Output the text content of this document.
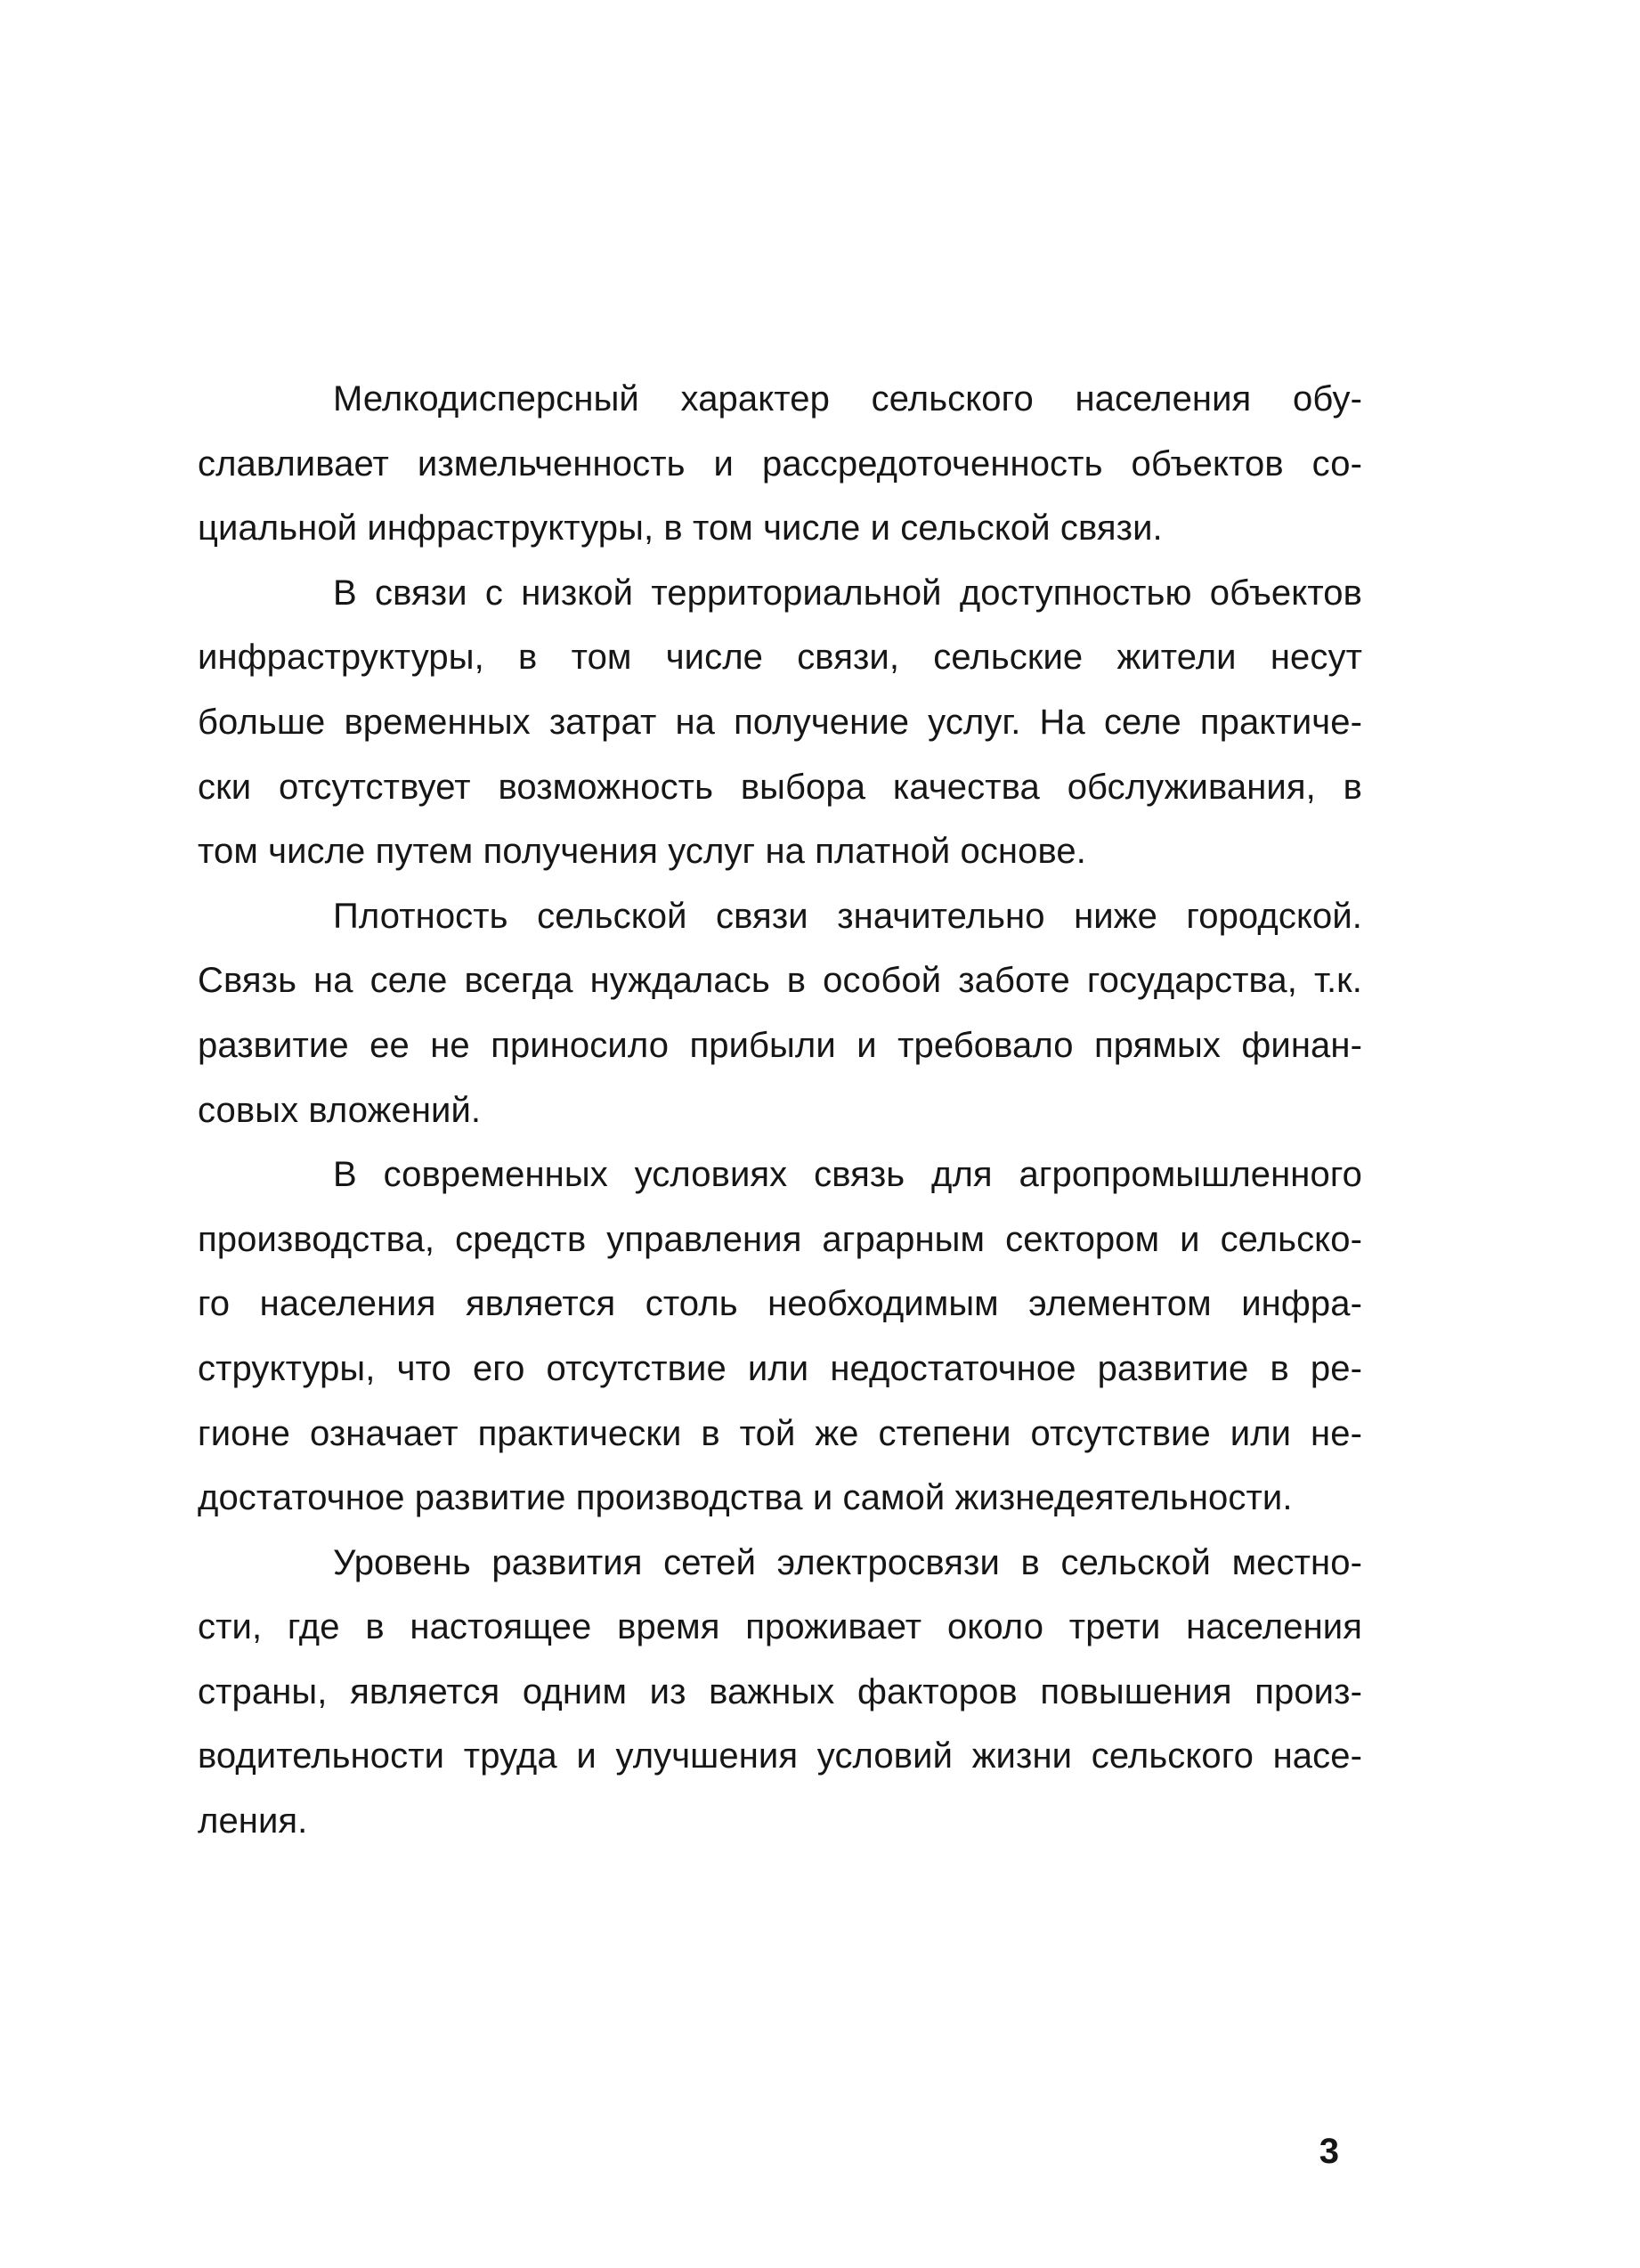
Мелкодисперсный характер сельского населения обу-
славливает измельченность и рассредоточенность объектов со-
циальной инфраструктуры, в том числе и сельской связи.
В связи с низкой территориальной доступностью объектов
инфраструктуры, в том числе связи, сельские жители несут
больше временных затрат на получение услуг. На селе практиче-
ски отсутствует возможность выбора качества обслуживания, в
том числе путем получения услуг на платной основе.
Плотность сельской связи значительно ниже городской.
Связь на селе всегда нуждалась в особой заботе государства, т.к.
развитие ее не приносило прибыли и требовало прямых финан-
совых вложений.
В современных условиях связь для агропромышленного
производства, средств управления аграрным сектором и сельско-
го населения является столь необходимым элементом инфра-
структуры, что его отсутствие или недостаточное развитие в ре-
гионе означает практически в той же степени отсутствие или не-
достаточное развитие производства и самой жизнедеятельности.
Уровень развития сетей электросвязи в сельской местно-
сти, где в настоящее время проживает около трети населения
страны, является одним из важных факторов повышения произ-
водительности труда и улучшения условий жизни сельского насе-
ления.
3
